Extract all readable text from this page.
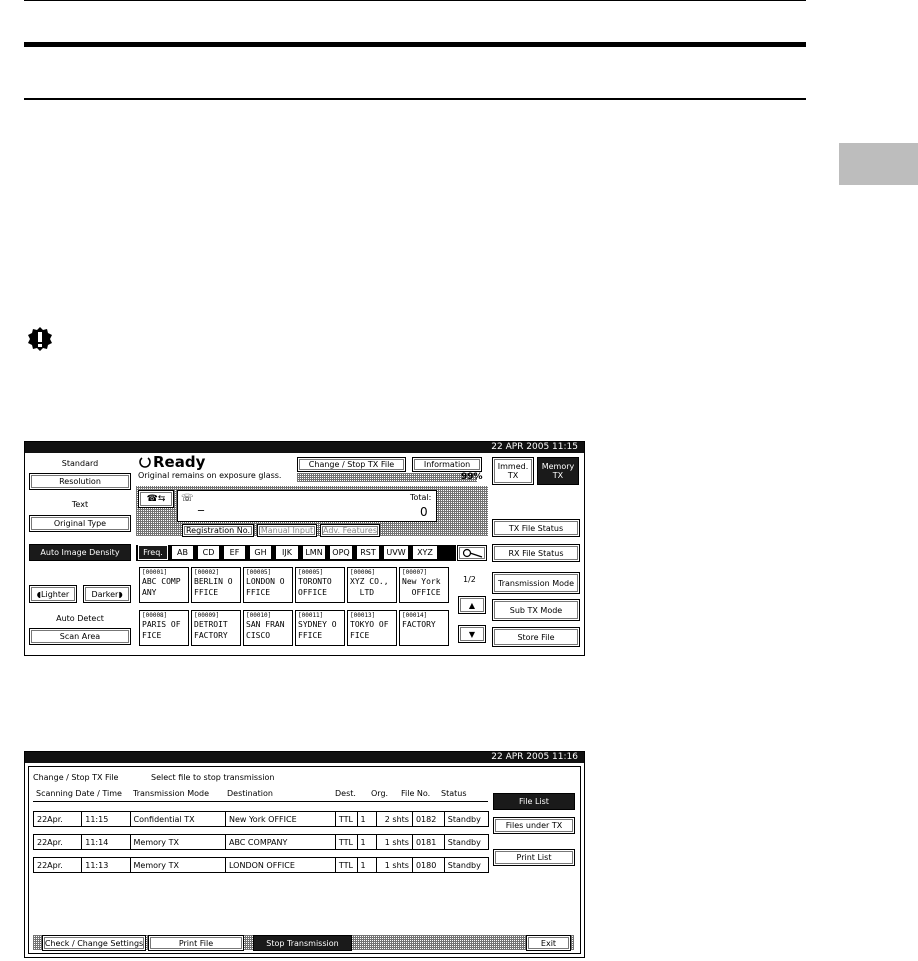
22 APR 2005 11:15
Standard
Resolution
Text
Original Type
Auto Image Density
◖Lighter	Darker◗
Auto Detect
Scan Area
Ready
Original remains on exposure glass.	99%
Change / Stop TX File	Information	Immed.
TX
Memory
TX
TX File Status
RX File Status
Transmission Mode
Sub TX Mode
Store File
☎⇆ ☏ _	Total:
0
Registration No.	Manual Input	Adv. Features
Freq.	AB	CD	EF	GH	IJK	LMN	OPQ	RST	UVW	XYZ
[00001]
ABC COMP
ANY
[00002]
BERLIN O
FFICE
[00005]
LONDON O
FFICE
[00005]
TORONTO
OFFICE
[00006]
XYZ CO.,
LTD
[00007]
New York
OFFICE
[00008]
PARIS OF
FICE
[00009]
DETROIT
FACTORY
[00010]
SAN FRAN
CISCO
[00011]
SYDNEY O
FFICE
[00013]
TOKYO OF
FICE
[00014]
FACTORY
1/2
▲
▼
22 APR 2005 11:16
Change / Stop TX File	Select file to stop transmission
Scanning Date / Time Transmission Mode Destination	Dest. Org. File No. Status
22Apr.	11:15	Confidential TX	New York OFFICE	TTL	1	2 shts	0182	Standby

22Apr.	11:14	Memory TX	ABC COMPANY	TTL	1	1 shts	0181	Standby

22Apr.	11:13	Memory TX	LONDON OFFICE	TTL	1	1 shts	0180	Standby
File List
Files under TX
Print List
Check / Change Settings	Print File	Stop Transmission	Exit
